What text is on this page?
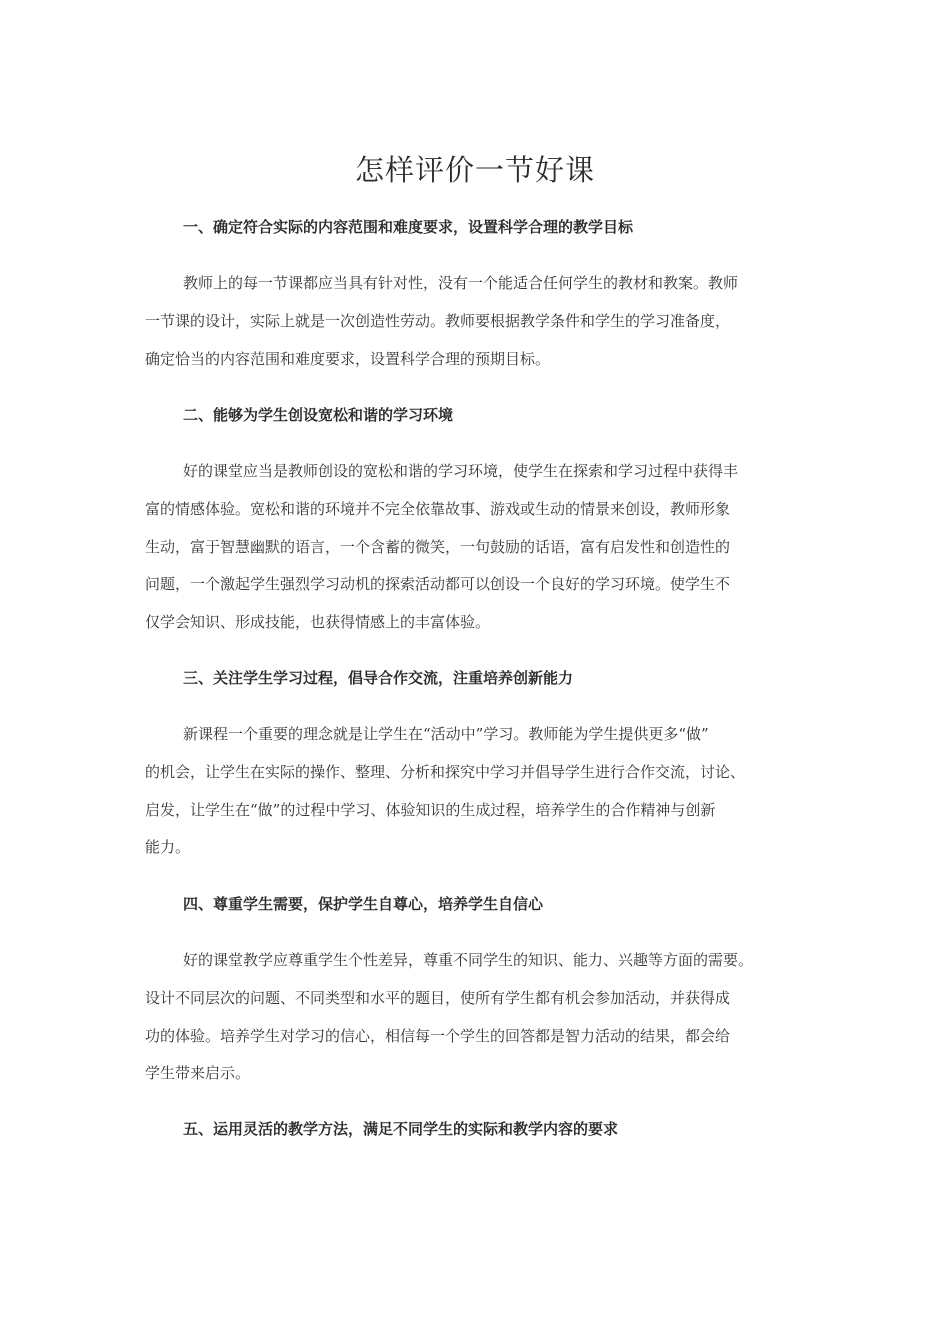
怎样评价一节好课
一、确定符合实际的内容范围和难度要求，设置科学合理的教学目标
教师上的每一节课都应当具有针对性，没有一个能适合任何学生的教材和教案。教师
一节课的设计，实际上就是一次创造性劳动。教师要根据教学条件和学生的学习准备度，
确定恰当的内容范围和难度要求，设置科学合理的预期目标。
二、能够为学生创设宽松和谐的学习环境
好的课堂应当是教师创设的宽松和谐的学习环境，使学生在探索和学习过程中获得丰
富的情感体验。宽松和谐的环境并不完全依靠故事、游戏或生动的情景来创设，教师形象
生动，富于智慧幽默的语言，一个含蓄的微笑，一句鼓励的话语，富有启发性和创造性的
问题，一个激起学生强烈学习动机的探索活动都可以创设一个良好的学习环境。使学生不
仅学会知识、形成技能，也获得情感上的丰富体验。
三、关注学生学习过程，倡导合作交流，注重培养创新能力
新课程一个重要的理念就是让学生在“活动中”学习。教师能为学生提供更多“做”
的机会，让学生在实际的操作、整理、分析和探究中学习并倡导学生进行合作交流，讨论、
启发，让学生在“做”的过程中学习、体验知识的生成过程，培养学生的合作精神与创新
能力。
四、尊重学生需要，保护学生自尊心，培养学生自信心
好的课堂教学应尊重学生个性差异，尊重不同学生的知识、能力、兴趣等方面的需要。
设计不同层次的问题、不同类型和水平的题目，使所有学生都有机会参加活动，并获得成
功的体验。培养学生对学习的信心，相信每一个学生的回答都是智力活动的结果，都会给
学生带来启示。
五、运用灵活的教学方法，满足不同学生的实际和教学内容的要求
